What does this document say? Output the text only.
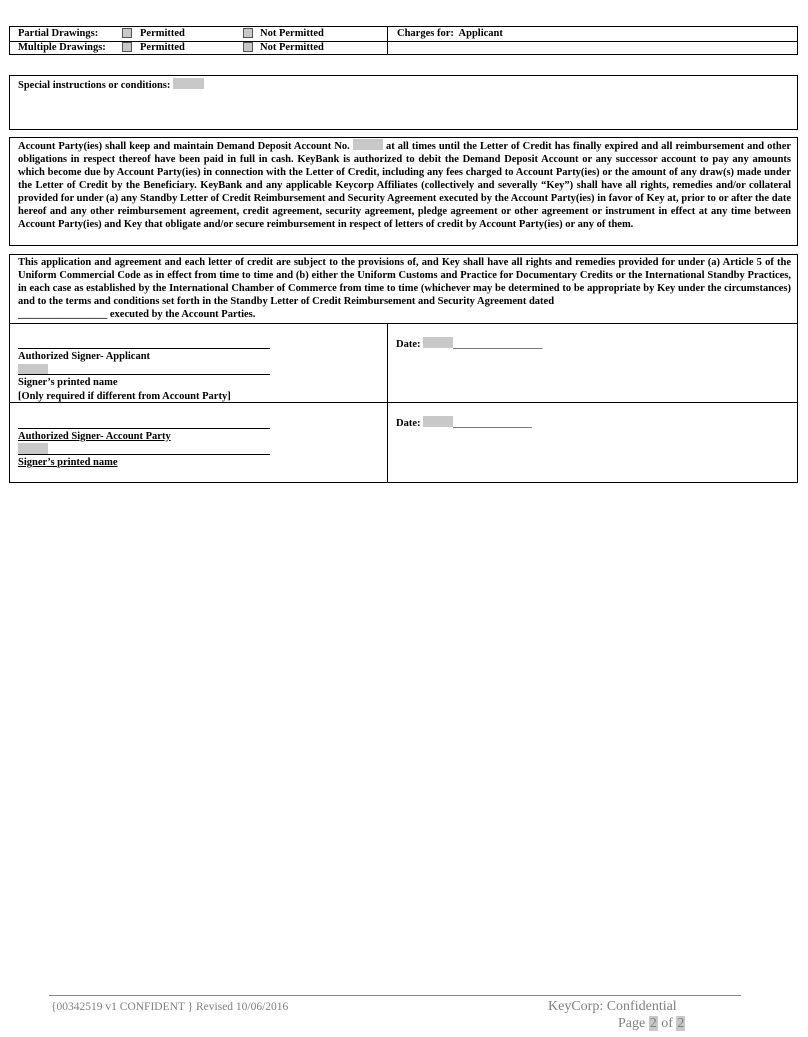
Partial Drawings:	Permitted	Not Permitted	Charges for: Applicant
Multiple Drawings:	Permitted	Not Permitted
Special instructions or conditions:
Account Party(ies) shall keep and maintain Demand Deposit Account No.	at all times until the Letter of Credit has finally expired and all reimbursement and other obligations in respect thereof have been paid in full in cash. KeyBank is authorized to debit the Demand Deposit Account or any successor account to pay any amounts which become due by Account Party(ies) in connection with the Letter of Credit, including any fees charged to Account Party(ies) or the amount of any draw(s) made under the Letter of Credit by the Beneficiary. KeyBank and any applicable Keycorp Affiliates (collectively and severally “Key”) shall have all rights, remedies and/or collateral provided for under (a) any Standby Letter of Credit Reimbursement and Security Agreement executed by the Account Party(ies) in favor of Key at, prior to or after the date hereof and any other reimbursement agreement, credit agreement, security agreement, pledge agreement or other agreement or instrument in effect at any time between Account Party(ies) and Key that obligate and/or secure reimbursement in respect of letters of credit by Account Party(ies) or any of them.
This application and agreement and each letter of credit are subject to the provisions of, and Key shall have all rights and remedies provided for under (a) Article 5 of the Uniform Commercial Code as in effect from time to time and (b) either the Uniform Customs and Practice for Documentary Credits or the International Standby Practices, in each case as established by the International Chamber of Commerce from time to time (whichever may be determined to be appropriate by Key under the circumstances) and to the terms and conditions set forth in the Standby Letter of Credit Reimbursement and Security Agreement dated
_________________ executed by the Account Parties.
Authorized Signer- Applicant
Signer’s printed name
[Only required if different from Account Party]
Date:	_________________
Authorized Signer- Account Party
Signer’s printed name
Date:	_______________
{00342519 v1 CONFIDENT } Revised 10/06/2016	KeyCorp: Confidential
Page 2 of 2
